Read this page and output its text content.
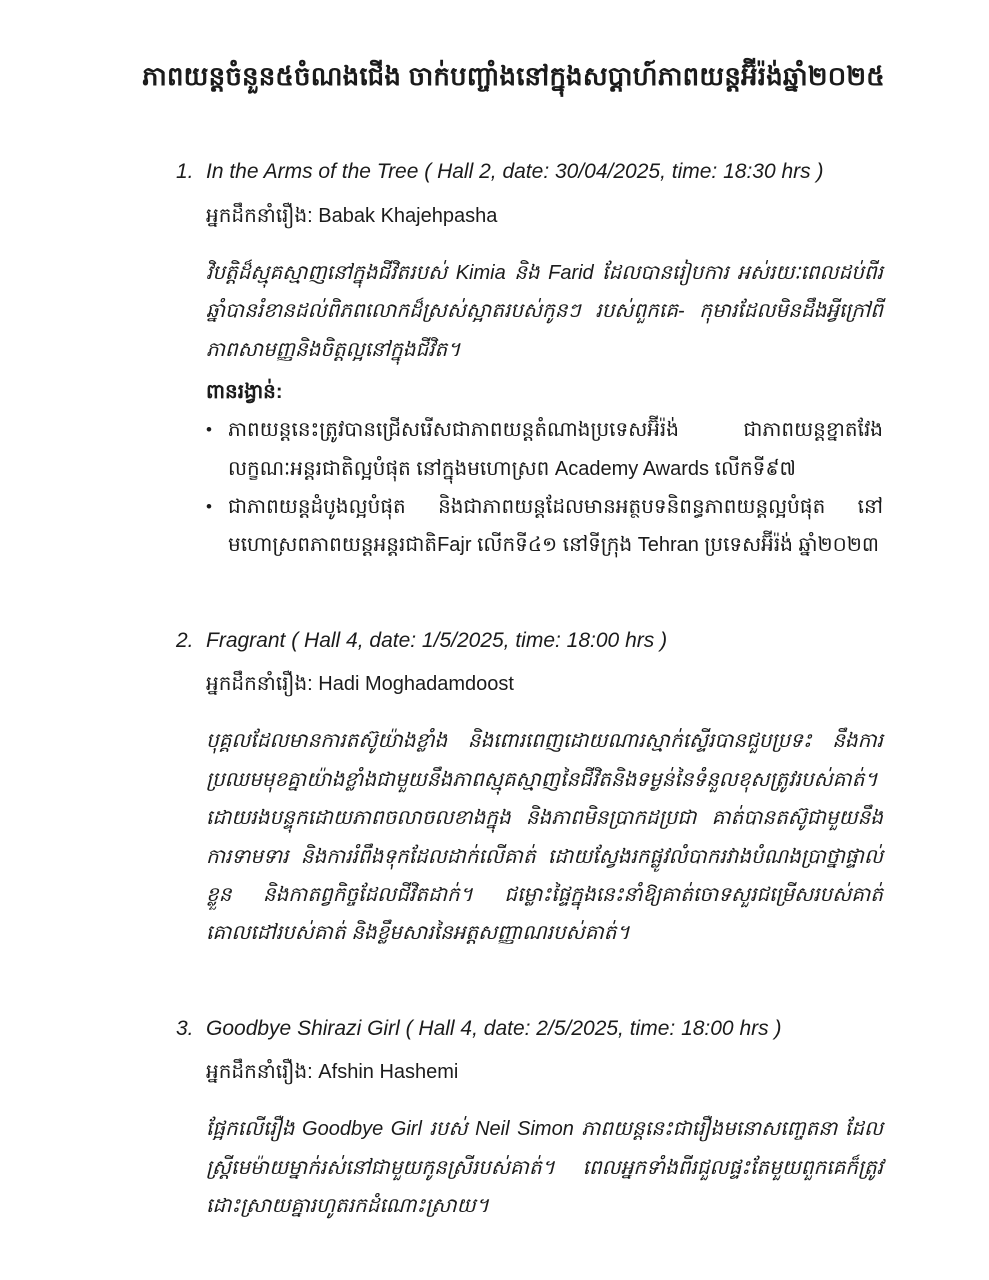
ភាពយន្តចំនួន៥ចំណងជើង ចាក់បញ្ចាំងនៅក្នុងសប្តាហ៍ភាពយន្តអ៊ីរ៉ង់ឆ្នាំ២០២៥
1. In the Arms of the Tree ( Hall 2, date: 30/04/2025, time: 18:30 hrs )
អ្នកដឹកនាំរឿង: Babak Khajehpasha

វិបត្តិដ៏ស្មុគស្មាញនៅក្នុងជីវិតរបស់ Kimia និង Farid ដែលបានរៀបការ អស់រយៈពេលដប់ពីរឆ្នាំបានរំខានដល់ពិភពលោកដ៏ស្រស់ស្អាតរបស់កូនៗ របស់ពួកគេ- កុមារដែលមិនដឹងអ្វីក្រៅពីភាពសាមញ្ញនិងចិត្តល្អនៅក្នុងជីវិត។

ពានរង្វាន់:
• ភាពយន្តនេះត្រូវបានជ្រើសរើសជាភាពយន្តតំណាងប្រទេសអ៊ីរ៉ង់ ជាភាពយន្តខ្នាតវែង លក្ខណៈអន្តរជាតិល្អបំផុត នៅក្នុងមហោស្រព Academy Awards លើកទី៩៧
• ជាភាពយន្តដំបូងល្អបំផុត និងជាភាពយន្តដែលមានអត្ថបទនិពន្ធភាពយន្តល្អបំផុត នៅមហោស្រពភាពយន្តអន្តរជាតិFajr លើកទី៤១ នៅទីក្រុង Tehran ប្រទេសអ៊ីរ៉ង់ ឆ្នាំ២០២៣
2. Fragrant ( Hall 4, date: 1/5/2025, time: 18:00 hrs )
អ្នកដឹកនាំរឿង: Hadi Moghadamdoost

បុគ្គលដែលមានការតស៊ូយ៉ាងខ្លាំង និងពោរពេញដោយណារស្មាក់ស្ទើរបានជួបប្រទះ នឹងការប្រឈមមុខគ្នាយ៉ាងខ្លាំងជាមួយនឹងភាពស្មុគស្មាញនៃជីវិតនិងទម្ងន់នៃទំនួលខុសត្រូវរបស់គាត់។ ដោយរងបន្ទុកដោយភាពចលាចលខាងក្នុង និងភាពមិនប្រាកដប្រជា គាត់បានតស៊ូជាមួយនឹងការទាមទារ និងការរំពឹងទុកដែលដាក់លើគាត់ ដោយស្វែងរកផ្លូវលំបាករវាងបំណងប្រាថ្នាផ្ទាល់ខ្លួន និងកាតព្វកិច្ចដែលជីវិតដាក់។ ជម្លោះផ្ទៃក្នុងនេះនាំឱ្យគាត់ចោទសួរជម្រើសរបស់គាត់ គោលដៅរបស់គាត់ និងខ្លឹមសារនៃអត្តសញ្ញាណរបស់គាត់។

3. Goodbye Shirazi Girl ( Hall 4, date: 2/5/2025, time: 18:00 hrs )
អ្នកដឹកនាំរឿង: Afshin Hashemi

ផ្អែកលើរឿង Goodbye Girl របស់ Neil Simon ភាពយន្តនេះជារឿងមនោសញ្ចេតនា ដែលស្ត្រីមេម៉ាយម្នាក់រស់នៅជាមួយកូនស្រីរបស់គាត់។ ពេលអ្នកទាំងពីរជួលផ្ទះតែមួយពួកគេក៏ត្រូវដោះស្រាយគ្នារហូតរកដំណោះស្រាយ។
